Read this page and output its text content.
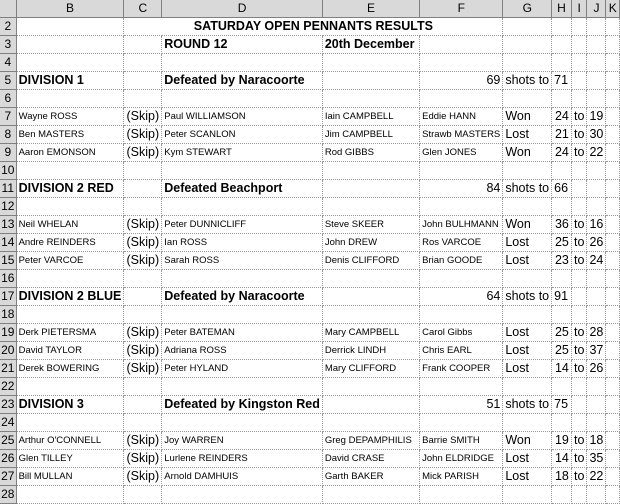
	B	C	D	E	F	G	H	I	J	K
2		SATURDAY OPEN PENNANTS RESULTS								
3			ROUND 12	20th December						
4										
5	DIVISION 1		Defeated by Naracoorte		69	shots to	71			
6										
7	Wayne ROSS	(Skip)	Paul WILLIAMSON	Iain CAMPBELL	Eddie HANN	Won	24	to	19	
8	Ben MASTERS	(Skip)	Peter SCANLON	Jim CAMPBELL	Strawb MASTERS	Lost	21	to	30	
9	Aaron EMONSON	(Skip)	Kym STEWART	Rod GIBBS	Glen JONES	Won	24	to	22	
10										
11	DIVISION 2 RED		Defeated Beachport		84	shots to	66			
12										
13	Neil WHELAN	(Skip)	Peter DUNNICLIFF	Steve SKEER	John BULHMANN	Won	36	to	16	
14	Andre REINDERS	(Skip)	Ian ROSS	John DREW	Ros VARCOE	Lost	25	to	26	
15	Peter VARCOE	(Skip)	Sarah ROSS	Denis CLIFFORD	Brian GOODE	Lost	23	to	24	
16										
17	DIVISION 2 BLUE		Defeated by Naracoorte		64	shots to	91			
18										
19	Derk PIETERSMA	(Skip)	Peter BATEMAN	Mary CAMPBELL	Carol Gibbs	Lost	25	to	28	
20	David TAYLOR	(Skip)	Adriana ROSS	Derrick LINDH	Chris EARL	Lost	25	to	37	
21	Derek BOWERING	(Skip)	Peter HYLAND	Mary CLIFFORD	Frank COOPER	Lost	14	to	26	
22										
23	DIVISION 3		Defeated by Kingston Red		51	shots to	75			
24										
25	Arthur O'CONNELL	(Skip)	Joy WARREN	Greg DEPAMPHILIS	Barrie SMITH	Won	19	to	18	
26	Glen TILLEY	(Skip)	Lurlene REINDERS	David CRASE	John ELDRIDGE	Lost	14	to	35	
27	Bill MULLAN	(Skip)	Arnold DAMHUIS	Garth BAKER	Mick PARISH	Lost	18	to	22	
28										
